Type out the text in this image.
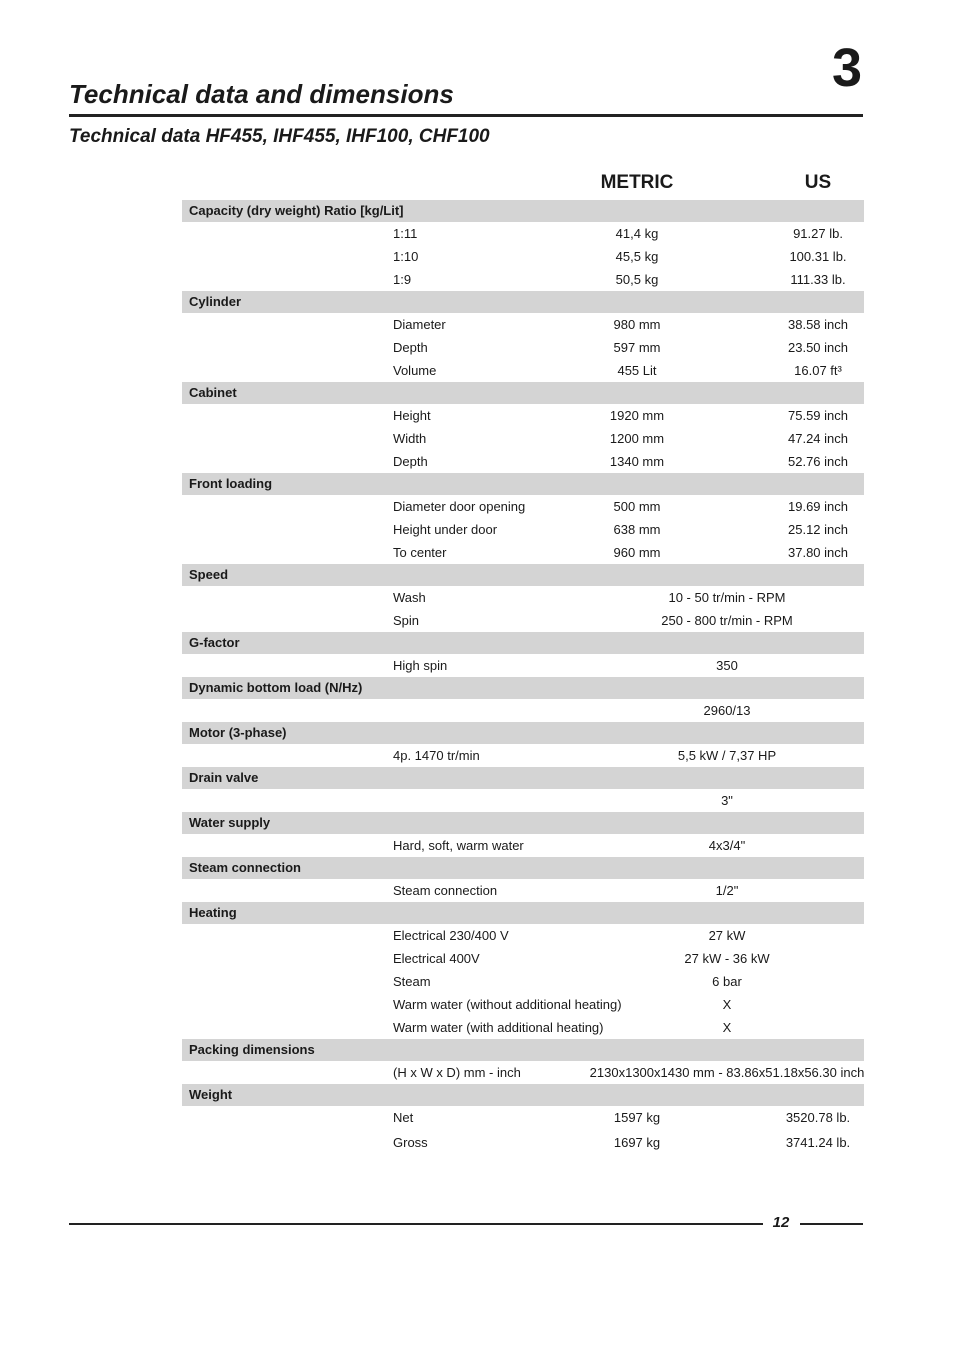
3
Technical data and dimensions
Technical data HF455, IHF455, IHF100, CHF100
METRIC	US
Capacity (dry weight) Ratio [kg/Lit]
1:11	41,4 kg	91.27 lb.
1:10	45,5 kg	100.31 lb.
1:9	50,5 kg	111.33 lb.
Cylinder
Diameter	980 mm	38.58 inch
Depth	597 mm	23.50 inch
Volume	455 Lit	16.07 ft³
Cabinet
Height	1920 mm	75.59 inch
Width	1200 mm	47.24 inch
Depth	1340 mm	52.76 inch
Front loading
Diameter door opening	500 mm	19.69 inch
Height under door	638 mm	25.12 inch
To center	960 mm	37.80 inch
Speed
Wash	10 - 50 tr/min - RPM
Spin	250 - 800 tr/min - RPM
G-factor
High spin	350
Dynamic bottom load (N/Hz)
2960/13
Motor (3-phase)
4p. 1470 tr/min	5,5 kW / 7,37 HP
Drain valve
3"
Water supply
Hard, soft, warm water	4x3/4"
Steam connection
Steam connection	1/2"
Heating
Electrical 230/400 V	27 kW
Electrical 400V	27 kW - 36 kW
Steam	6 bar
Warm water (without additional heating)	X
Warm water (with additional heating)	X
Packing dimensions
(H x W x D) mm - inch	2130x1300x1430 mm - 83.86x51.18x56.30 inch
Weight
Net	1597 kg	3520.78 lb.
Gross	1697 kg	3741.24 lb.
12
